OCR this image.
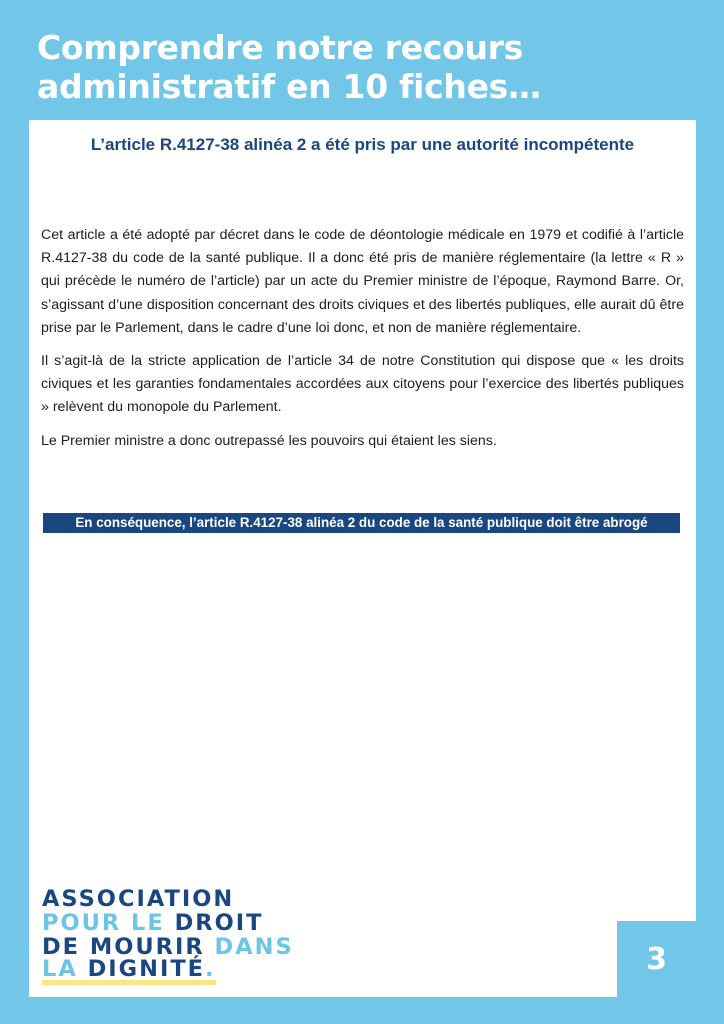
Comprendre notre recours
administratif en 10 fiches…
L’article R.4127-38 alinéa 2 a été pris par une autorité incompétente

Cet article a été adopté par décret dans le code de déontologie médicale en 1979 et codifié à l’article R.4127-38 du code de la santé publique. Il a donc été pris de manière réglementaire (la lettre « R » qui précède le numéro de l’article) par un acte du Premier ministre de l’époque, Raymond Barre. Or, s’agissant d’une disposition concernant des droits civiques et des libertés publiques, elle aurait dû être prise par le Parlement, dans le cadre d’une loi donc, et non de manière réglementaire.

Il s’agit-là de la stricte application de l’article 34 de notre Constitution qui dispose que « les droits civiques et les garanties fondamentales accordées aux citoyens pour l’exercice des libertés publiques » relèvent du monopole du Parlement.

Le Premier ministre a donc outrepassé les pouvoirs qui étaient les siens.

En conséquence, l’article R.4127-38 alinéa 2 du code de la santé publique doit être abrogé
ASSOCIATION
POUR LE DROIT
DE MOURIR DANS
LA DIGNITÉ.	3
